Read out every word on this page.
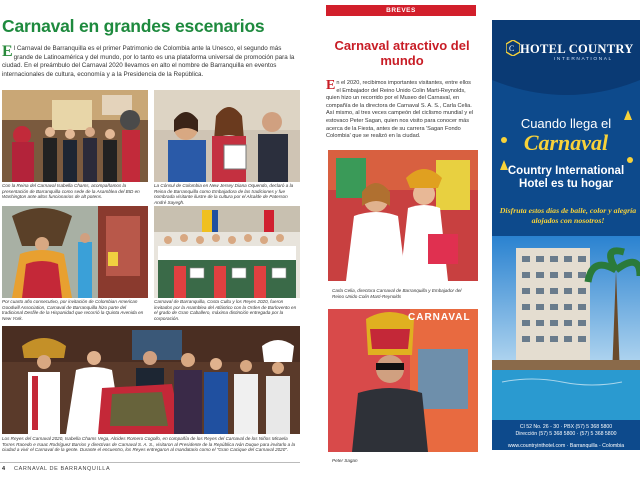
Carnaval en grandes escenarios
El Carnaval de Barranquilla es el primer Patrimonio de Colombia ante la Unesco, el segundo más grande de Latinoamérica y del mundo, por lo tanto es una plataforma universal de promoción para la ciudad. En el preámbulo del Carnaval 2020 llevamos en alto el nombre de Barranquilla en eventos internacionales de cultura, economía y a la Presidencia de la República.
Con la Reina del Carnaval Isabella Chams, acompañamos la presentación de Barranquilla como sede de la Asamblea del BID en Washington ante altos funcionarios de alt potens.
La Cónsul de Colombia en New Jersey Diana Oquendo, declaró a la Reina de Barranquilla como Embajadora de las tradiciones y fue nombrada visitante ilustre de la cultura por el Alcalde de Paterson André Sayegh.
Por cuarto año consecutivo, por invitación de Colombian American Goodwill Association, Carnaval de Barranquilla hizo parte del tradicional Desfile de la Hispanidad que recorrió la Quinta Avenida en New York.
Carnaval de Barranquilla, Costa Cultu y los Reyes 2020, fueron invitados por la Asamblea del Atlántico con la Orden de Barlovento en el grado de Gran Caballero, máxima distinción entregada por la corporación.
Los Reyes del Carnaval 2020, Isabella Chams Vega, Alcides Romero Cogollo, en compañía de los Reyes del Carnaval de los Niños Micaela Torres Racedo e Isaac Rodríguez Barrios y directivas de Carnaval S. A. S., visitaron al Presidente de la República Iván Duque para invitarlo a la ciudad a vivir el Carnaval de la gente. Durante el encuentro, los Reyes entregaron al mandatario como el "Gran Cacique del Carnaval 2020".
4 CARNAVAL DE BARRANQUILLA
BREVES
Carnaval atractivo del mundo
En el 2020, recibimos importantes visitantes, entre ellos el Embajador del Reino Unido Colin Marti-Reynolds, quien hizo un recorrido por el Museo del Carnaval, en compañía de la directora de Carnaval S. A. S., Carla Celia. Así mismo, al tres veces campeón del ciclismo mundial y el estovaco Peter Sagan, quien nos visito para conocer más acerca de la Fiesta, antes de su carrera 'Sagan Fondo Colombia' que se realizó en la ciudad.
Carla Celia, directora Carnaval de Barranquilla y Embajador del Reino Unido Colin Marti-Reynolds
CARNAVAL
Peter Sagan
C HOTEL COUNTRY
INTERNATIONAL
Cuando llega el
Carnaval
Country International
Hotel es tu hogar
Disfruta estos días de baile, color y alegría alojados con nosotros!
Cl 52 No. 26 - 30 · PBX (57) 5 368 5800
Dirección (57) 5 368 5800 · (57) 5 368 5800
www.countryinthotel.com · Barranquilla - Colombia
